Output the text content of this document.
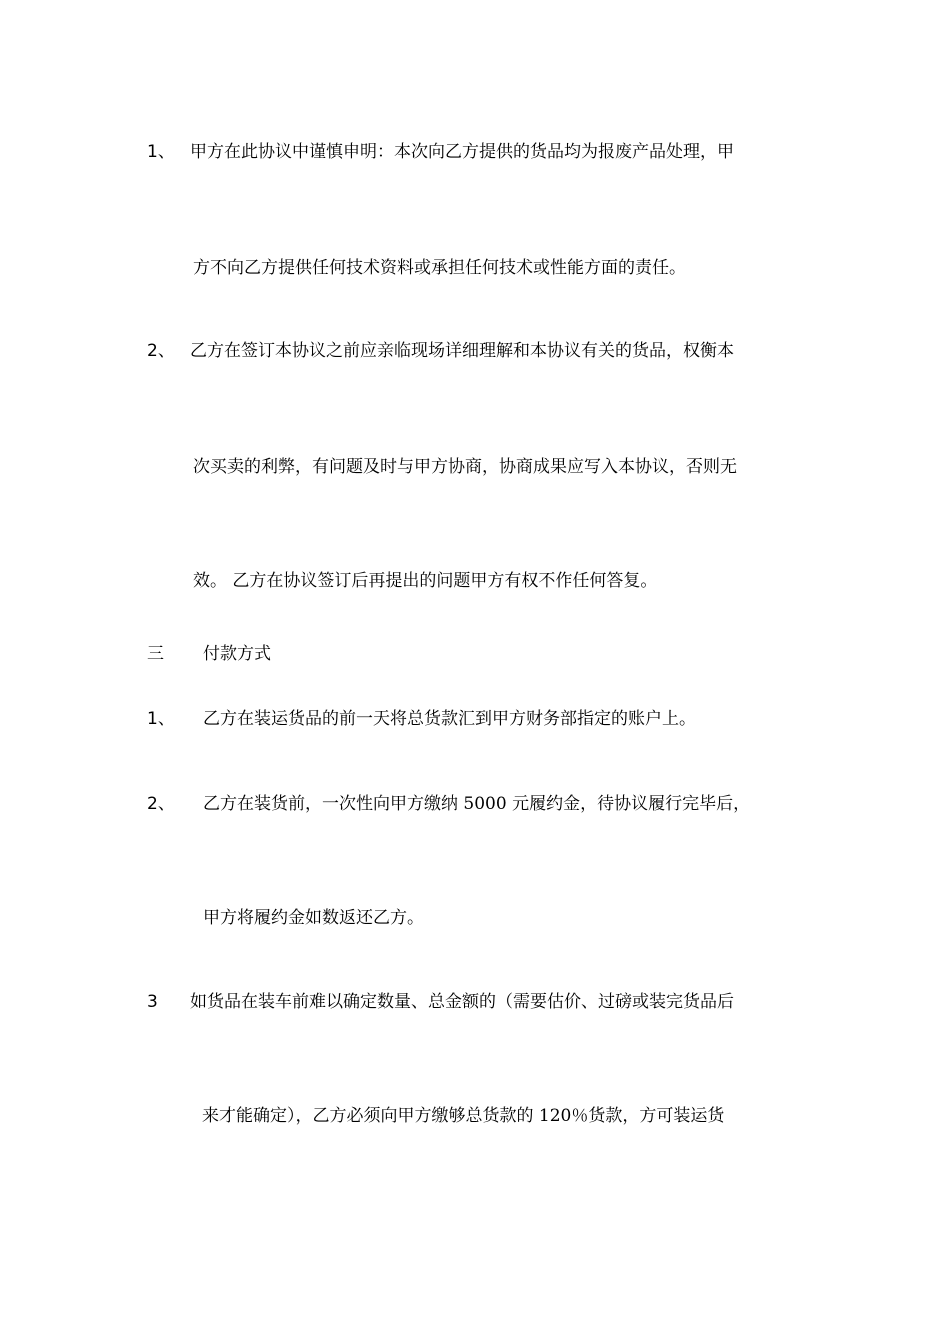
1、 甲方在此协议中谨慎申明：本次向乙方提供的货品均为报废产品处理，甲
方不向乙方提供任何技术资料或承担任何技术或性能方面的责任。
2、 乙方在签订本协议之前应亲临现场详细理解和本协议有关的货品，权衡本
次买卖的利弊，有问题及时与甲方协商，协商成果应写入本协议，否则无
效。 乙方在协议签订后再提出的问题甲方有权不作任何答复。
三 付款方式
1、 乙方在装运货品的前一天将总货款汇到甲方财务部指定的账户上。
2、 乙方在装货前，一次性向甲方缴纳 5000 元履约金，待协议履行完毕后，
甲方将履约金如数返还乙方。
3 如货品在装车前难以确定数量、总金额的（需要估价、过磅或装完货品后
来才能确定），乙方必须向甲方缴够总货款的 120％货款，方可装运货
